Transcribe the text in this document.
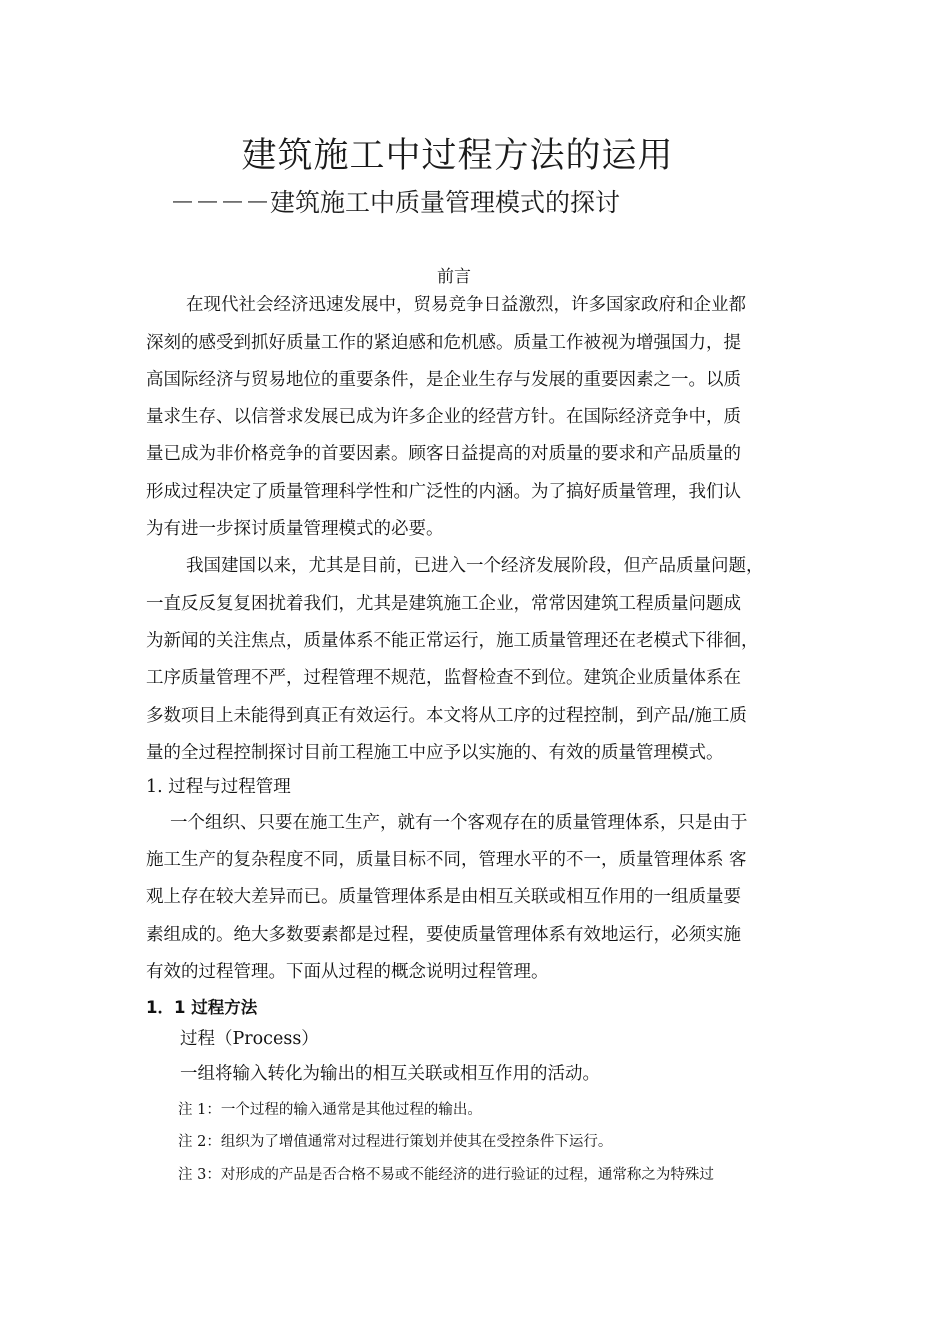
建筑施工中过程方法的运用
－－－－建筑施工中质量管理模式的探讨
前言
在现代社会经济迅速发展中，贸易竞争日益激烈，许多国家政府和企业都
深刻的感受到抓好质量工作的紧迫感和危机感。质量工作被视为增强国力，提
高国际经济与贸易地位的重要条件，是企业生存与发展的重要因素之一。以质
量求生存、以信誉求发展已成为许多企业的经营方针。在国际经济竞争中，质
量已成为非价格竞争的首要因素。顾客日益提高的对质量的要求和产品质量的
形成过程决定了质量管理科学性和广泛性的内涵。为了搞好质量管理，我们认
为有进一步探讨质量管理模式的必要。
我国建国以来，尤其是目前，已进入一个经济发展阶段，但产品质量问题，
一直反反复复困扰着我们，尤其是建筑施工企业，常常因建筑工程质量问题成
为新闻的关注焦点，质量体系不能正常运行，施工质量管理还在老模式下徘徊，
工序质量管理不严，过程管理不规范，监督检查不到位。建筑企业质量体系在
多数项目上未能得到真正有效运行。本文将从工序的过程控制，到产品/施工质
量的全过程控制探讨目前工程施工中应予以实施的、有效的质量管理模式。
1. 过程与过程管理
一个组织、只要在施工生产，就有一个客观存在的质量管理体系，只是由于
施工生产的复杂程度不同，质量目标不同，管理水平的不一，质量管理体系 客
观上存在较大差异而已。质量管理体系是由相互关联或相互作用的一组质量要
素组成的。绝大多数要素都是过程，要使质量管理体系有效地运行，必须实施
有效的过程管理。下面从过程的概念说明过程管理。
1．1 过程方法
过程（Process）
一组将输入转化为输出的相互关联或相互作用的活动。
注 1：一个过程的输入通常是其他过程的输出。
注 2：组织为了增值通常对过程进行策划并使其在受控条件下运行。
注 3：对形成的产品是否合格不易或不能经济的进行验证的过程，通常称之为特殊过
